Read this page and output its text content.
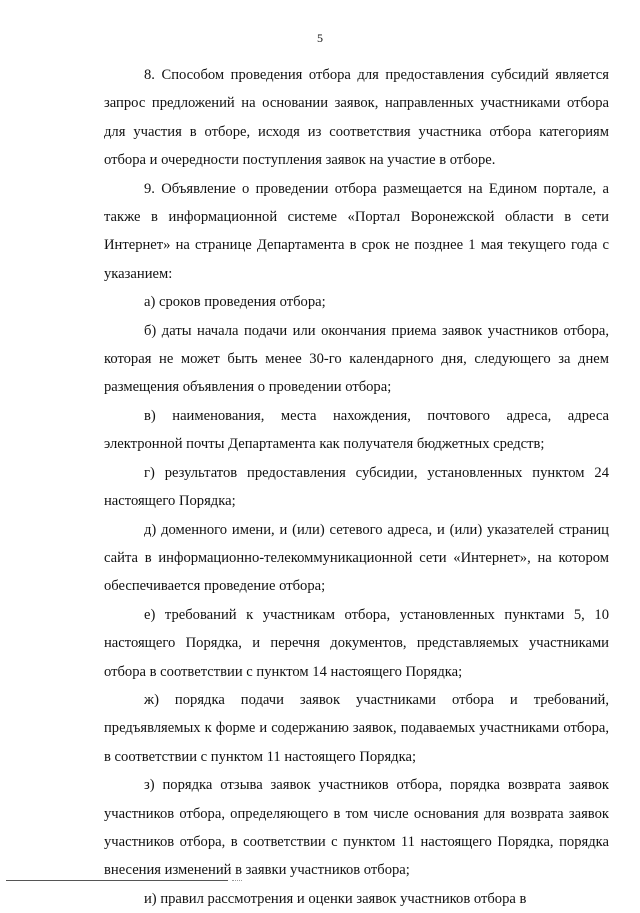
5

8. Способом проведения отбора для предоставления субсидий является запрос предложений на основании заявок, направленных участниками отбора для участия в отборе, исходя из соответствия участника отбора категориям отбора и очередности поступления заявок на участие в отборе.

9. Объявление о проведении отбора размещается на Едином портале, а также в информационной системе «Портал Воронежской области в сети Интернет» на странице Департамента в срок не позднее 1 мая текущего года с указанием:

а) сроков проведения отбора;

б) даты начала подачи или окончания приема заявок участников отбора, которая не может быть менее 30-го календарного дня, следующего за днем размещения объявления о проведении отбора;

в) наименования, места нахождения, почтового адреса, адреса электронной почты Департамента как получателя бюджетных средств;

г) результатов предоставления субсидии, установленных пунктом 24 настоящего Порядка;

д) доменного имени, и (или) сетевого адреса, и (или) указателей страниц сайта в информационно-телекоммуникационной сети «Интернет», на котором обеспечивается проведение отбора;

е) требований к участникам отбора, установленных пунктами 5, 10 настоящего Порядка, и перечня документов, представляемых участниками отбора в соответствии с пунктом 14 настоящего Порядка;

ж) порядка подачи заявок участниками отбора и требований, предъявляемых к форме и содержанию заявок, подаваемых участниками отбора, в соответствии с пунктом 11 настоящего Порядка;

з) порядка отзыва заявок участников отбора, порядка возврата заявок участников отбора, определяющего в том числе основания для возврата заявок участников отбора, в соответствии с пунктом 11 настоящего Порядка, порядка внесения изменений в заявки участников отбора;

и) правил рассмотрения и оценки заявок участников отбора в
